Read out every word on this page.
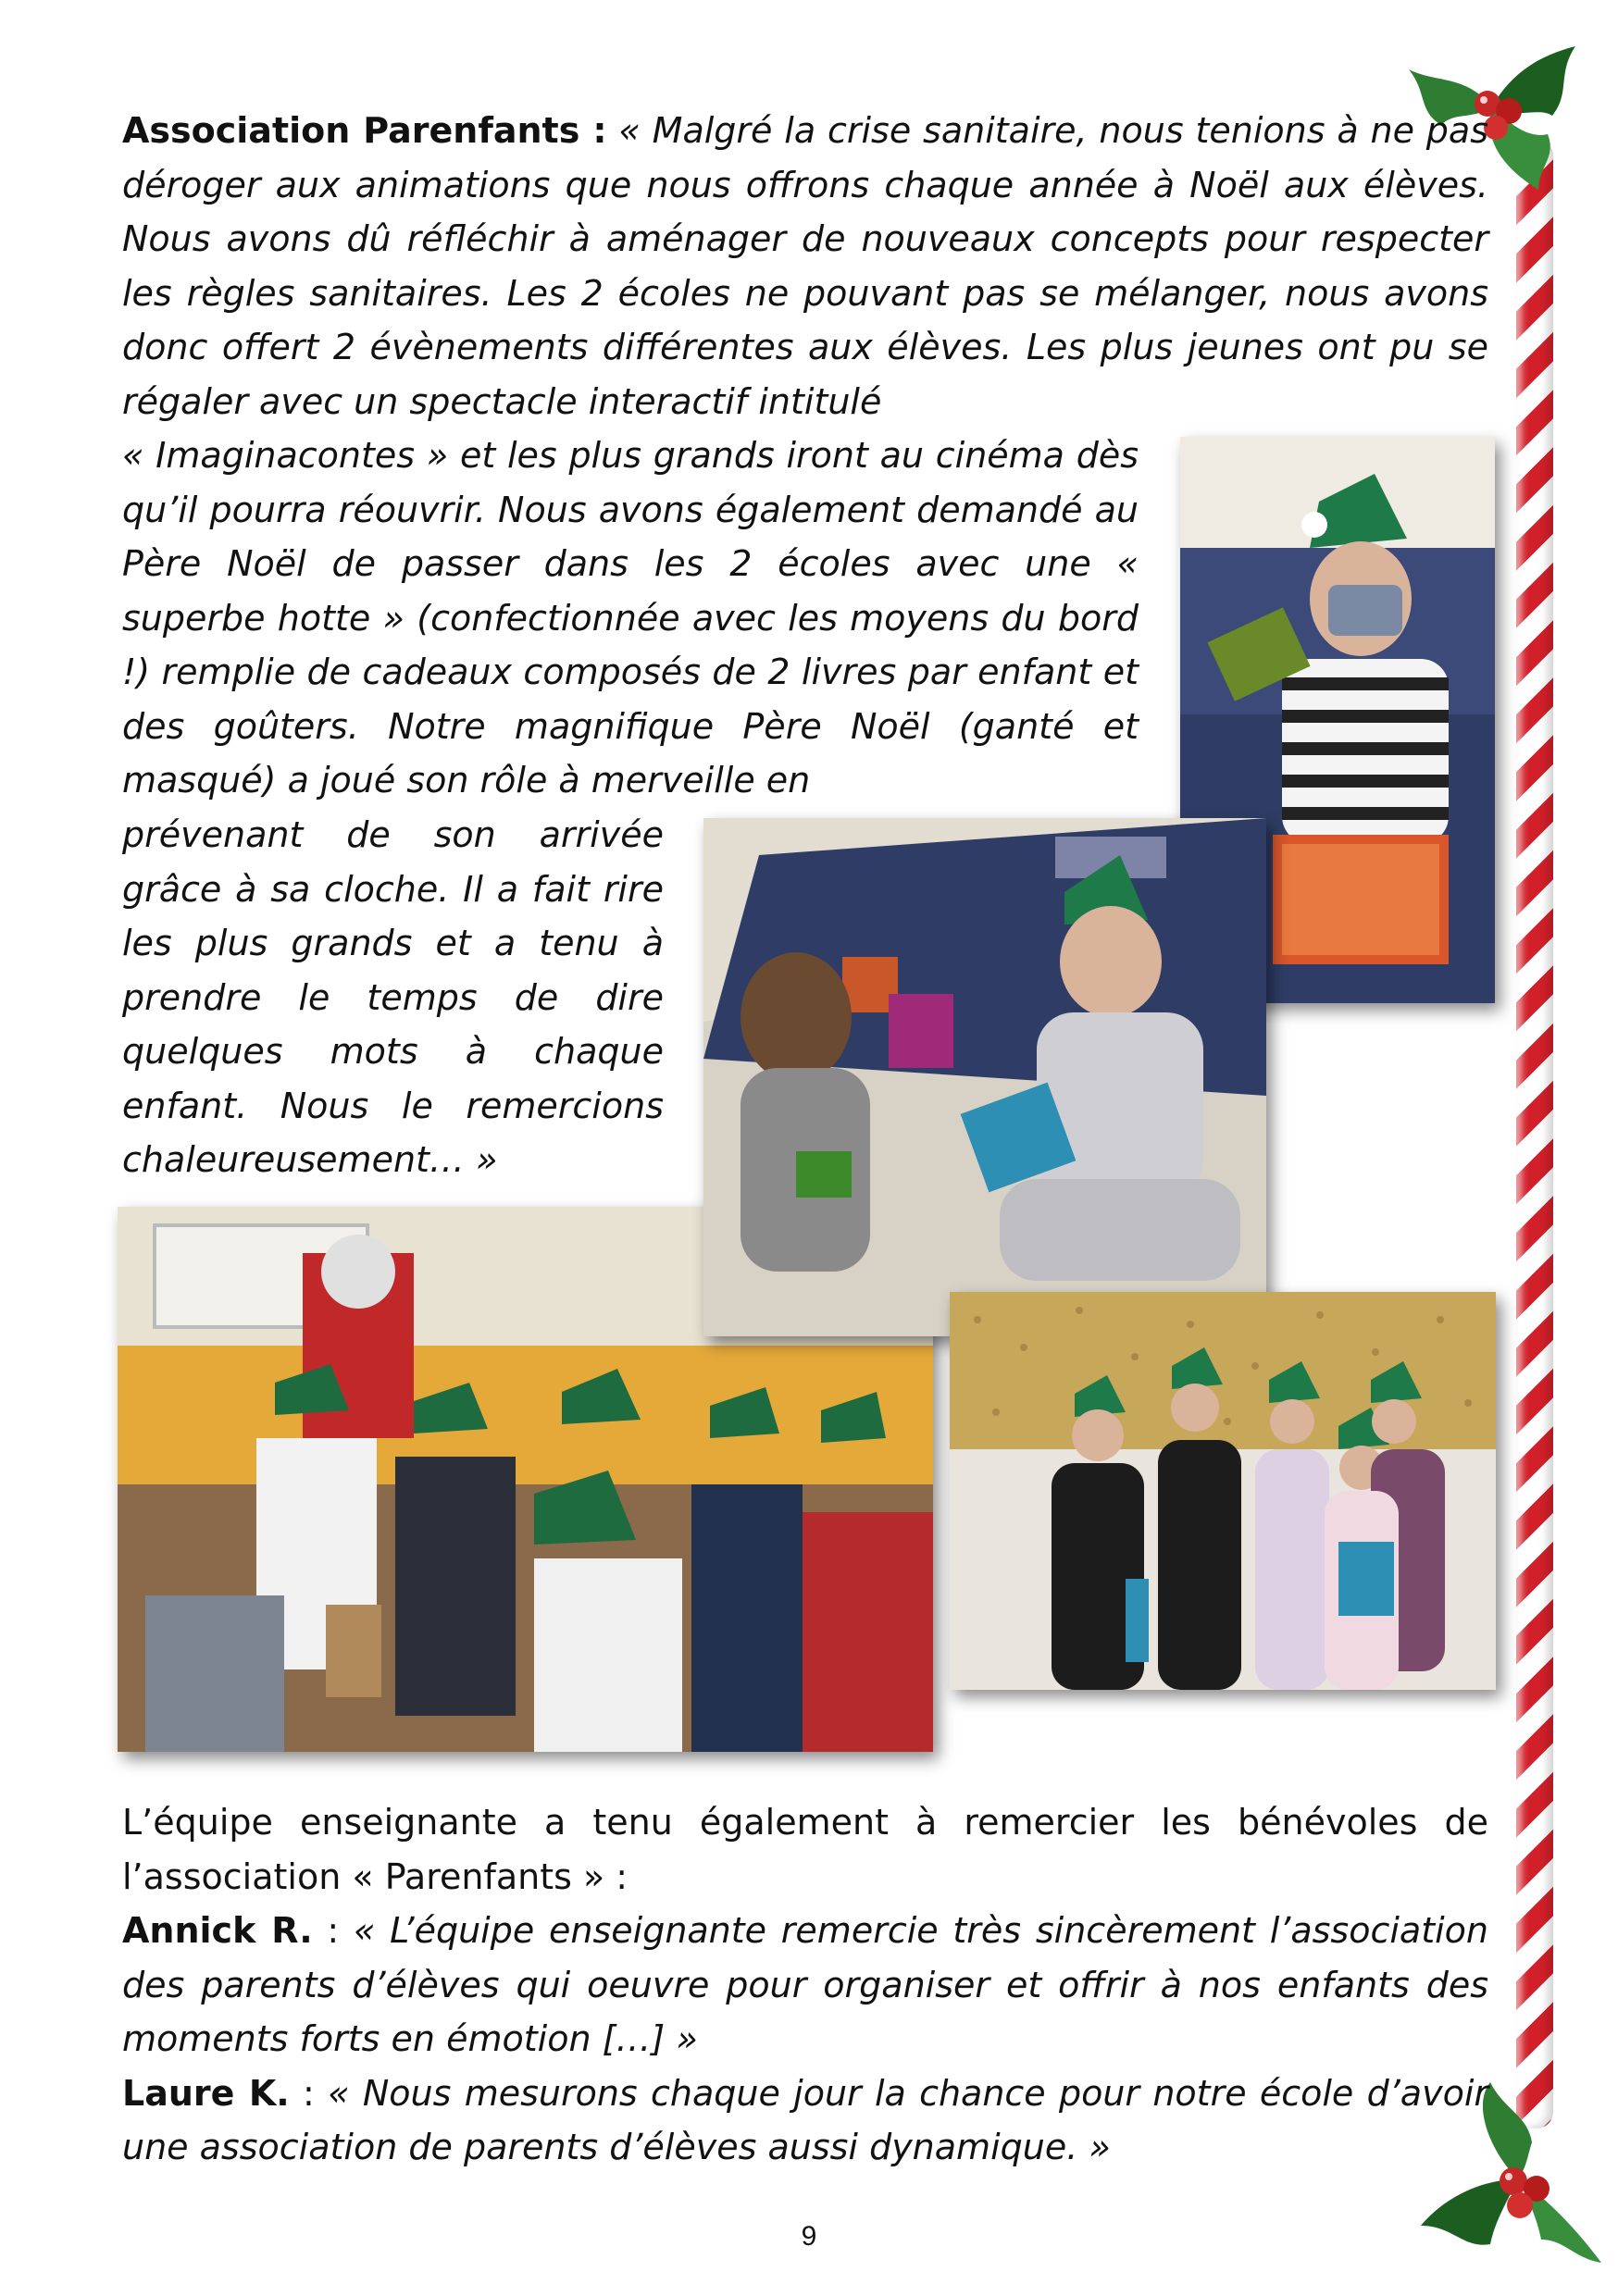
Association Parenfants : « Malgré la crise sanitaire, nous tenions à ne pas déroger aux animations que nous offrons chaque année à Noël aux élèves. Nous avons dû réfléchir à aménager de nouveaux concepts pour respecter les règles sanitaires. Les 2 écoles ne pouvant pas se mélanger, nous avons donc offert 2 évènements différentes aux élèves. Les plus jeunes ont pu se régaler avec un spectacle interactif intitulé

« Imaginacontes » et les plus grands iront au cinéma dès qu’il pourra réouvrir. Nous avons également demandé au Père Noël de passer dans les 2 écoles avec une « superbe hotte » (confectionnée avec les moyens du bord !) remplie de cadeaux composés de 2 livres par enfant et des goûters. Notre magnifique Père Noël (ganté et masqué) a joué son rôle à merveille en

prévenant de son arrivée grâce à sa cloche. Il a fait rire les plus grands et a tenu à prendre le temps de dire quelques mots à chaque enfant. Nous le remercions chaleureusement… »

L’équipe enseignante a tenu également à remercier les bénévoles de l’association « Parenfants » :

Annick R. : « L’équipe enseignante remercie très sincèrement l’association des parents d’élèves qui oeuvre pour organiser et offrir à nos enfants des moments forts en émotion […] »

Laure K. : « Nous mesurons chaque jour la chance pour notre école d’avoir une association de parents d’élèves aussi dynamique. »

9
